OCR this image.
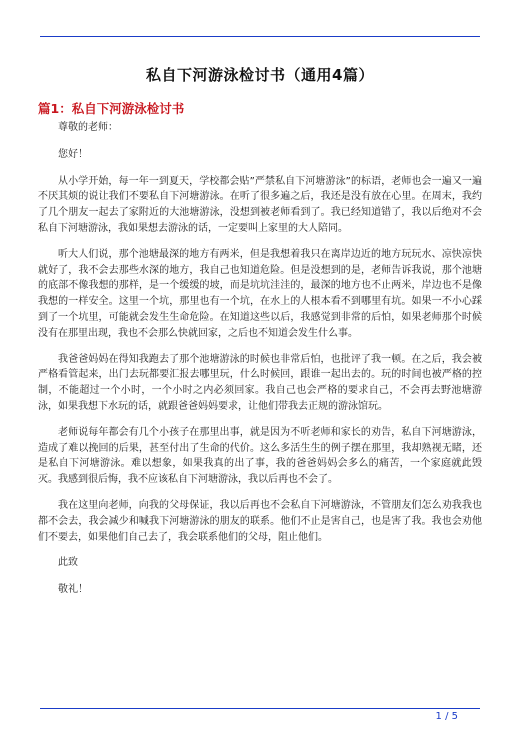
私自下河游泳检讨书（通用4篇）
篇1：私自下河游泳检讨书

尊敬的老师：

您好！

从小学开始，每一年一到夏天，学校都会贴”严禁私自下河塘游泳”的标语，老师也会一遍又一遍不厌其烦的说让我们不要私自下河塘游泳。在听了很多遍之后，我还是没有放在心里。在周末，我约了几个朋友一起去了家附近的大池塘游泳，没想到被老师看到了。我已经知道错了，我以后绝对不会私自下河塘游泳，我如果想去游泳的话，一定要叫上家里的大人陪同。

听大人们说，那个池塘最深的地方有两米，但是我想着我只在离岸边近的地方玩玩水、凉快凉快就好了，我不会去那些水深的地方，我自己也知道危险。但是没想到的是，老师告诉我说，那个池塘的底部不像我想的那样，是一个缓缓的坡，而是坑坑洼洼的，最深的地方也不止两米，岸边也不是像我想的一样安全。这里一个坑，那里也有一个坑，在水上的人根本看不到哪里有坑。如果一不小心踩到了一个坑里，可能就会发生生命危险。在知道这些以后，我感觉到非常的后怕，如果老师那个时候没有在那里出现，我也不会那么快就回家，之后也不知道会发生什么事。

我爸爸妈妈在得知我跑去了那个池塘游泳的时候也非常后怕，也批评了我一顿。在之后，我会被严格看管起来，出门去玩都要汇报去哪里玩，什么时候回，跟谁一起出去的。玩的时间也被严格的控制，不能超过一个小时，一个小时之内必须回家。我自己也会严格的要求自己，不会再去野池塘游泳，如果我想下水玩的话，就跟爸爸妈妈要求，让他们带我去正规的游泳馆玩。

老师说每年都会有几个小孩子在那里出事，就是因为不听老师和家长的劝告，私自下河塘游泳，造成了难以挽回的后果，甚至付出了生命的代价。这么多活生生的例子摆在那里，我却熟视无睹，还是私自下河塘游泳。难以想象，如果我真的出了事，我的爸爸妈妈会多么的痛苦，一个家庭就此毁灭。我感到很后悔，我不应该私自下河塘游泳，我以后再也不会了。

我在这里向老师，向我的父母保证，我以后再也不会私自下河塘游泳，不管朋友们怎么劝我我也都不会去，我会减少和喊我下河塘游泳的朋友的联系。他们不止是害自己，也是害了我。我也会劝他们不要去，如果他们自己去了，我会联系他们的父母，阻止他们。

此致

敬礼！

1 / 5
